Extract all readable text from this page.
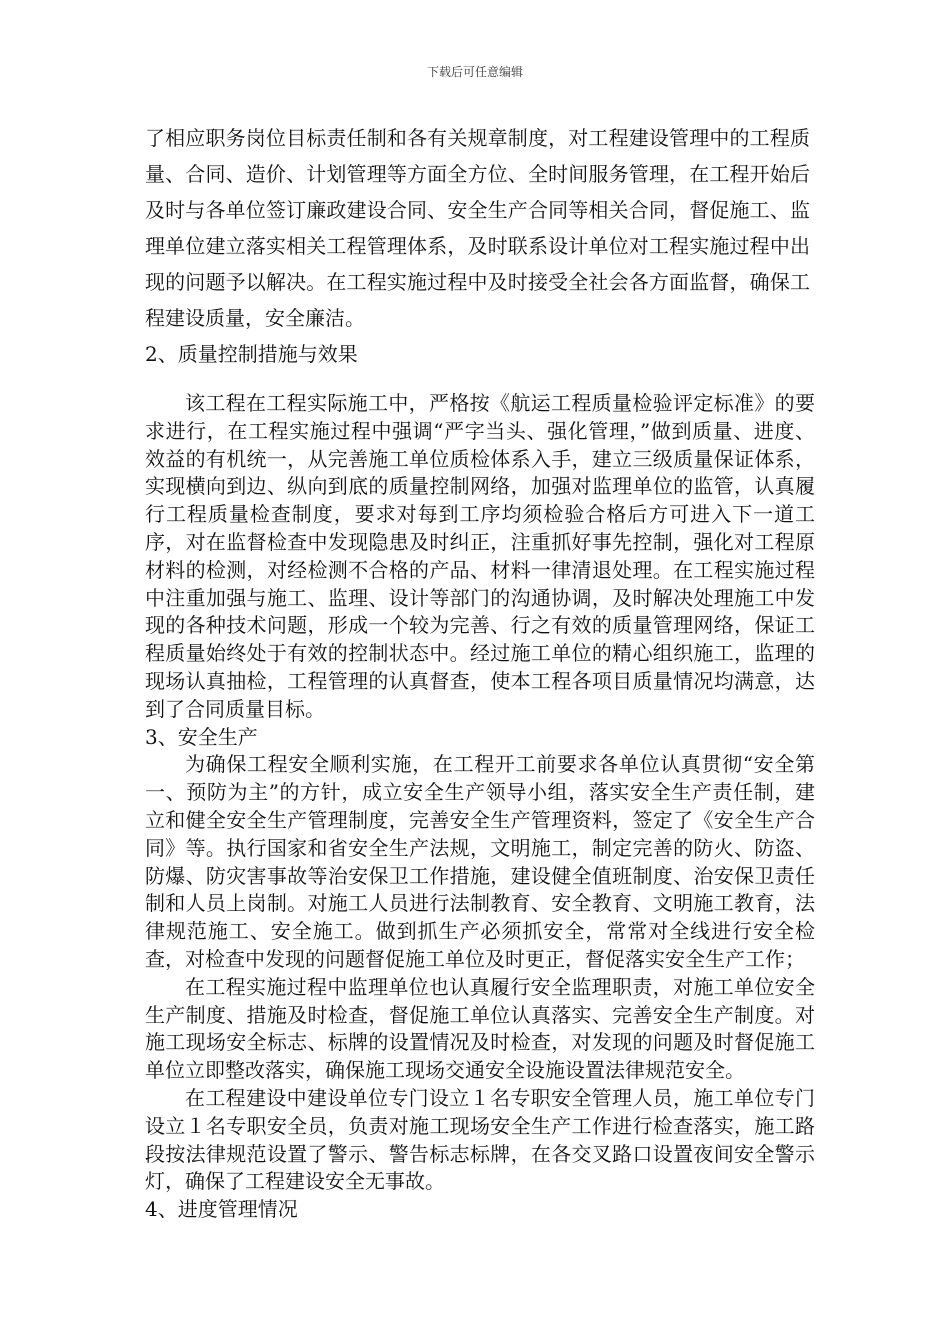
下载后可任意编辑

了相应职务岗位目标责任制和各有关规章制度，对工程建设管理中的工程质量、合同、造价、计划管理等方面全方位、全时间服务管理，在工程开始后及时与各单位签订廉政建设合同、安全生产合同等相关合同，督促施工、监理单位建立落实相关工程管理体系，及时联系设计单位对工程实施过程中出现的问题予以解决。在工程实施过程中及时接受全社会各方面监督，确保工程建设质量，安全廉洁。

2、质量控制措施与效果

该工程在工程实际施工中，严格按《航运工程质量检验评定标准》的要求进行，在工程实施过程中强调“严字当头、强化管理，”做到质量、进度、效益的有机统一，从完善施工单位质检体系入手，建立三级质量保证体系，实现横向到边、纵向到底的质量控制网络，加强对监理单位的监管，认真履行工程质量检查制度，要求对每到工序均须检验合格后方可进入下一道工序，对在监督检查中发现隐患及时纠正，注重抓好事先控制，强化对工程原材料的检测，对经检测不合格的产品、材料一律清退处理。在工程实施过程中注重加强与施工、监理、设计等部门的沟通协调，及时解决处理施工中发现的各种技术问题，形成一个较为完善、行之有效的质量管理网络，保证工程质量始终处于有效的控制状态中。经过施工单位的精心组织施工，监理的现场认真抽检，工程管理的认真督查，使本工程各项目质量情况均满意，达到了合同质量目标。

3、安全生产

为确保工程安全顺利实施，在工程开工前要求各单位认真贯彻“安全第一、预防为主”的方针，成立安全生产领导小组，落实安全生产责任制，建立和健全安全生产管理制度，完善安全生产管理资料，签定了《安全生产合同》等。执行国家和省安全生产法规，文明施工，制定完善的防火、防盗、防爆、防灾害事故等治安保卫工作措施，建设健全值班制度、治安保卫责任制和人员上岗制。对施工人员进行法制教育、安全教育、文明施工教育，法律规范施工、安全施工。做到抓生产必须抓安全，常常对全线进行安全检查，对检查中发现的问题督促施工单位及时更正，督促落实安全生产工作；

在工程实施过程中监理单位也认真履行安全监理职责，对施工单位安全生产制度、措施及时检查，督促施工单位认真落实、完善安全生产制度。对施工现场安全标志、标牌的设置情况及时检查，对发现的问题及时督促施工单位立即整改落实，确保施工现场交通安全设施设置法律规范安全。

在工程建设中建设单位专门设立１名专职安全管理人员，施工单位专门设立１名专职安全员，负责对施工现场安全生产工作进行检查落实，施工路段按法律规范设置了警示、警告标志标牌，在各交叉路口设置夜间安全警示灯，确保了工程建设安全无事故。

4、进度管理情况
